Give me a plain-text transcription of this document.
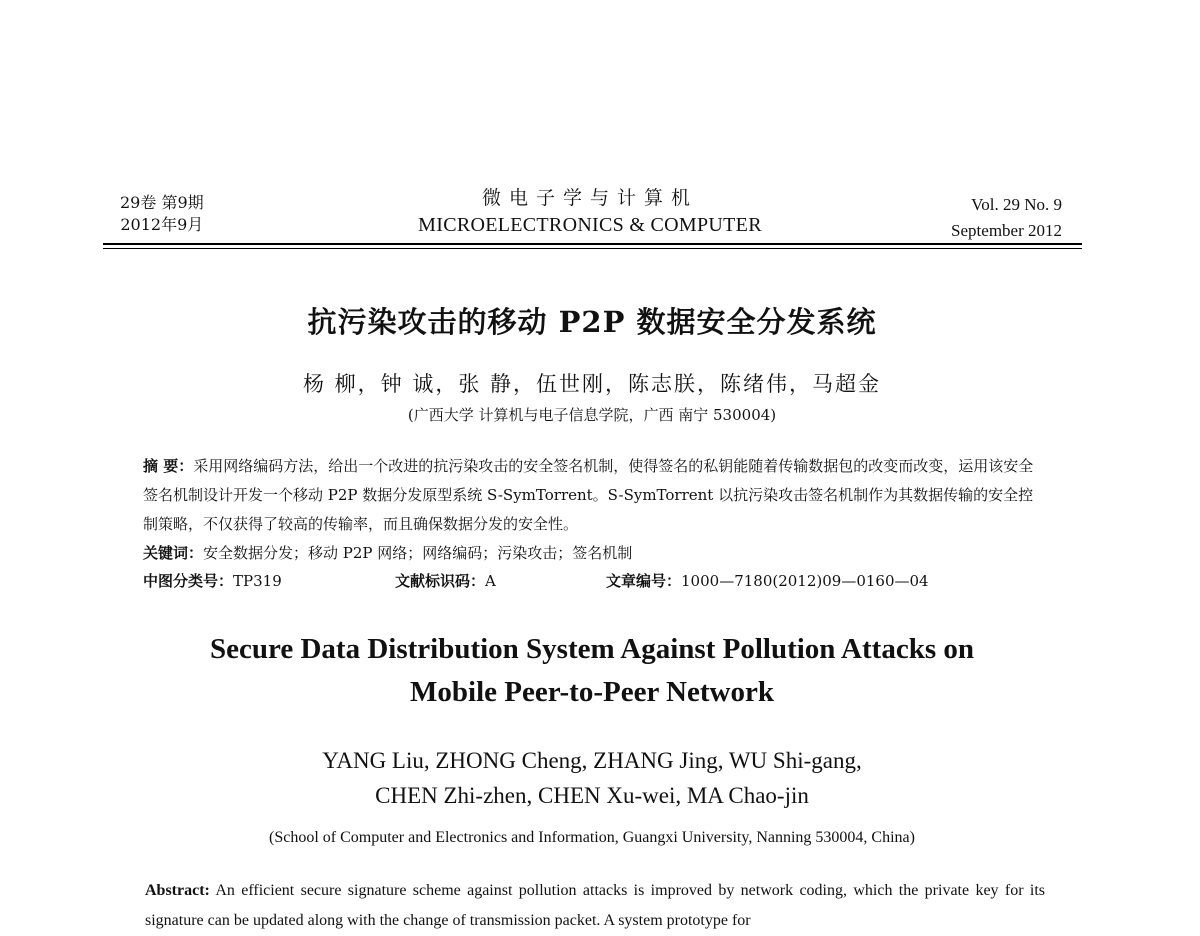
29卷 第9期
2012年9月
微电子学与计算机
MICROELECTRONICS & COMPUTER
Vol. 29 No. 9
September 2012
抗污染攻击的移动 P2P 数据安全分发系统
杨 柳，钟 诚，张 静，伍世刚，陈志朕，陈绪伟，马超金
(广西大学 计算机与电子信息学院，广西 南宁 530004)

摘 要：采用网络编码方法，给出一个改进的抗污染攻击的安全签名机制，使得签名的私钥能随着传输数据包的改变而改变，运用该安全签名机制设计开发一个移动 P2P 数据分发原型系统 S-SymTorrent。S-SymTorrent 以抗污染攻击签名机制作为其数据传输的安全控制策略，不仅获得了较高的传输率，而且确保数据分发的安全性。

关键词：安全数据分发；移动 P2P 网络；网络编码；污染攻击；签名机制

中图分类号：TP319	文献标识码：A	文章编号：1000—7180(2012)09—0160—04
Secure Data Distribution System Against Pollution Attacks on
Mobile Peer-to-Peer Network
YANG Liu, ZHONG Cheng, ZHANG Jing, WU Shi-gang,
CHEN Zhi-zhen, CHEN Xu-wei, MA Chao-jin
(School of Computer and Electronics and Information, Guangxi University, Nanning 530004, China)

Abstract: An efficient secure signature scheme against pollution attacks is improved by network coding, which the private key for its signature can be updated along with the change of transmission packet. A system prototype for
